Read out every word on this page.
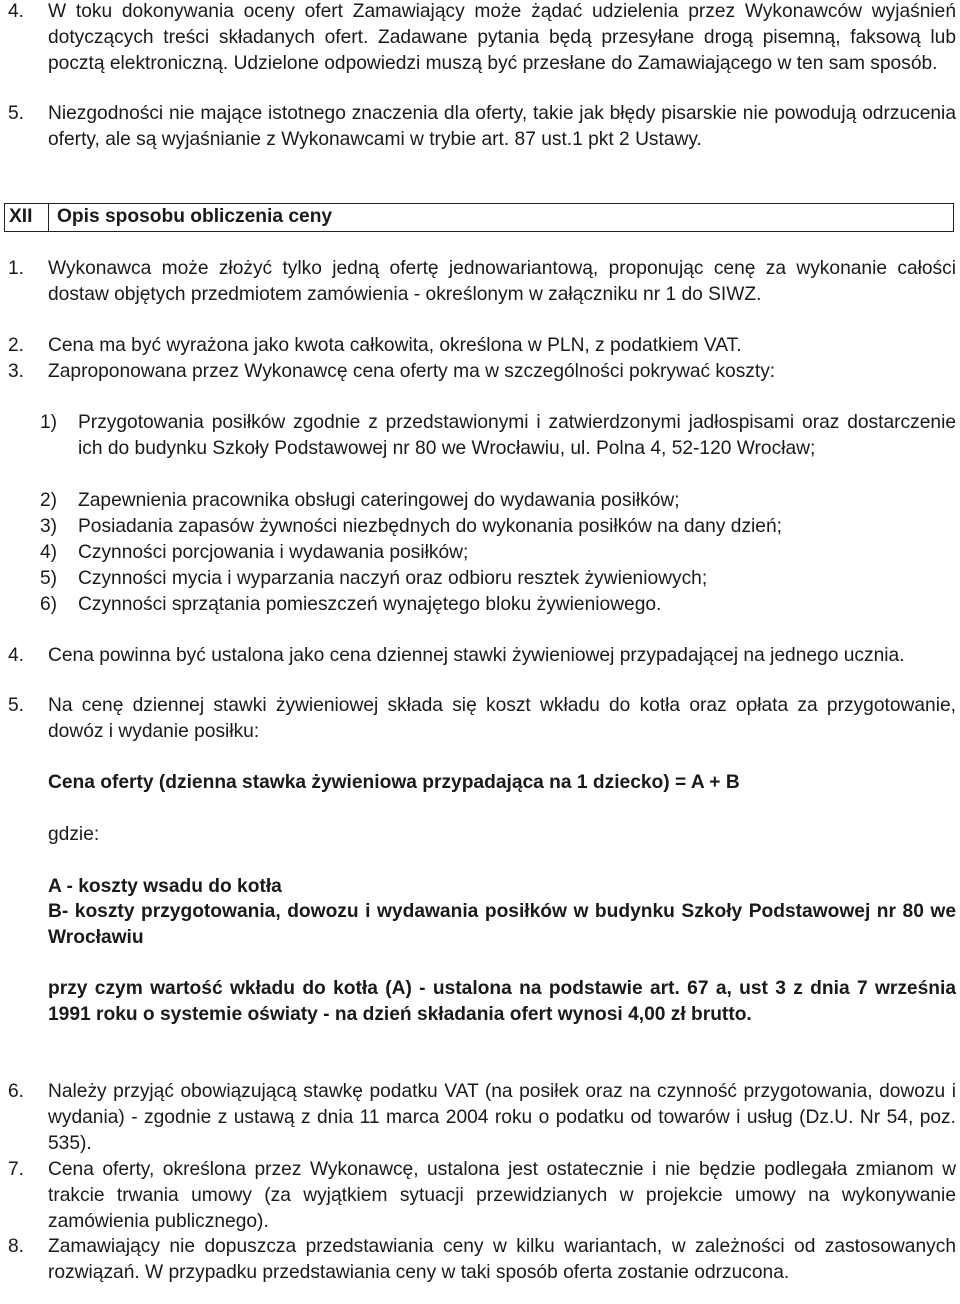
4. W toku dokonywania oceny ofert Zamawiający może żądać udzielenia przez Wykonawców wyjaśnień dotyczących treści składanych ofert. Zadawane pytania będą przesyłane drogą pisemną, faksową lub pocztą elektroniczną. Udzielone odpowiedzi muszą być przesłane do Zamawiającego w ten sam sposób.
5. Niezgodności nie mające istotnego znaczenia dla oferty, takie jak błędy pisarskie nie powodują odrzucenia oferty, ale są wyjaśnianie z Wykonawcami w trybie art. 87 ust.1 pkt 2 Ustawy.
XII	Opis sposobu obliczenia ceny
1. Wykonawca może złożyć tylko jedną ofertę jednowariantową, proponując cenę za wykonanie całości dostaw objętych przedmiotem zamówienia - określonym w załączniku nr 1 do SIWZ.
2. Cena ma być wyrażona jako kwota całkowita, określona w PLN, z podatkiem VAT.
3. Zaproponowana przez Wykonawcę cena oferty ma w szczególności pokrywać koszty:
1) Przygotowania posiłków zgodnie z przedstawionymi i zatwierdzonymi jadłospisami oraz dostarczenie ich do budynku Szkoły Podstawowej nr 80 we Wrocławiu, ul. Polna 4, 52-120 Wrocław;
2) Zapewnienia pracownika obsługi cateringowej do wydawania posiłków;
3) Posiadania zapasów żywności niezbędnych do wykonania posiłków na dany dzień;
4) Czynności porcjowania i wydawania posiłków;
5) Czynności mycia i wyparzania naczyń oraz odbioru resztek żywieniowych;
6) Czynności sprzątania pomieszczeń wynajętego bloku żywieniowego.
4. Cena powinna być ustalona jako cena dziennej stawki żywieniowej przypadającej na jednego ucznia.
5. Na cenę dziennej stawki żywieniowej składa się koszt wkładu do kotła oraz opłata za przygotowanie, dowóz i wydanie posiłku:
Cena oferty (dzienna stawka żywieniowa przypadająca na 1 dziecko) = A + B
gdzie:
A - koszty wsadu do kotła
B- koszty przygotowania, dowozu i wydawania posiłków w budynku Szkoły Podstawowej nr 80 we Wrocławiu
przy czym wartość wkładu do kotła (A) - ustalona na podstawie art. 67 a, ust 3 z dnia 7 września 1991 roku o systemie oświaty - na dzień składania ofert wynosi 4,00 zł brutto.
6. Należy przyjąć obowiązującą stawkę podatku VAT (na posiłek oraz na czynność przygotowania, dowozu i wydania) - zgodnie z ustawą z dnia 11 marca 2004 roku o podatku od towarów i usług (Dz.U. Nr 54, poz. 535).
7. Cena oferty, określona przez Wykonawcę, ustalona jest ostatecznie i nie będzie podlegała zmianom w trakcie trwania umowy (za wyjątkiem sytuacji przewidzianych w projekcie umowy na wykonywanie zamówienia publicznego).
8. Zamawiający nie dopuszcza przedstawiania ceny w kilku wariantach, w zależności od zastosowanych rozwiązań. W przypadku przedstawiania ceny w taki sposób oferta zostanie odrzucona.
